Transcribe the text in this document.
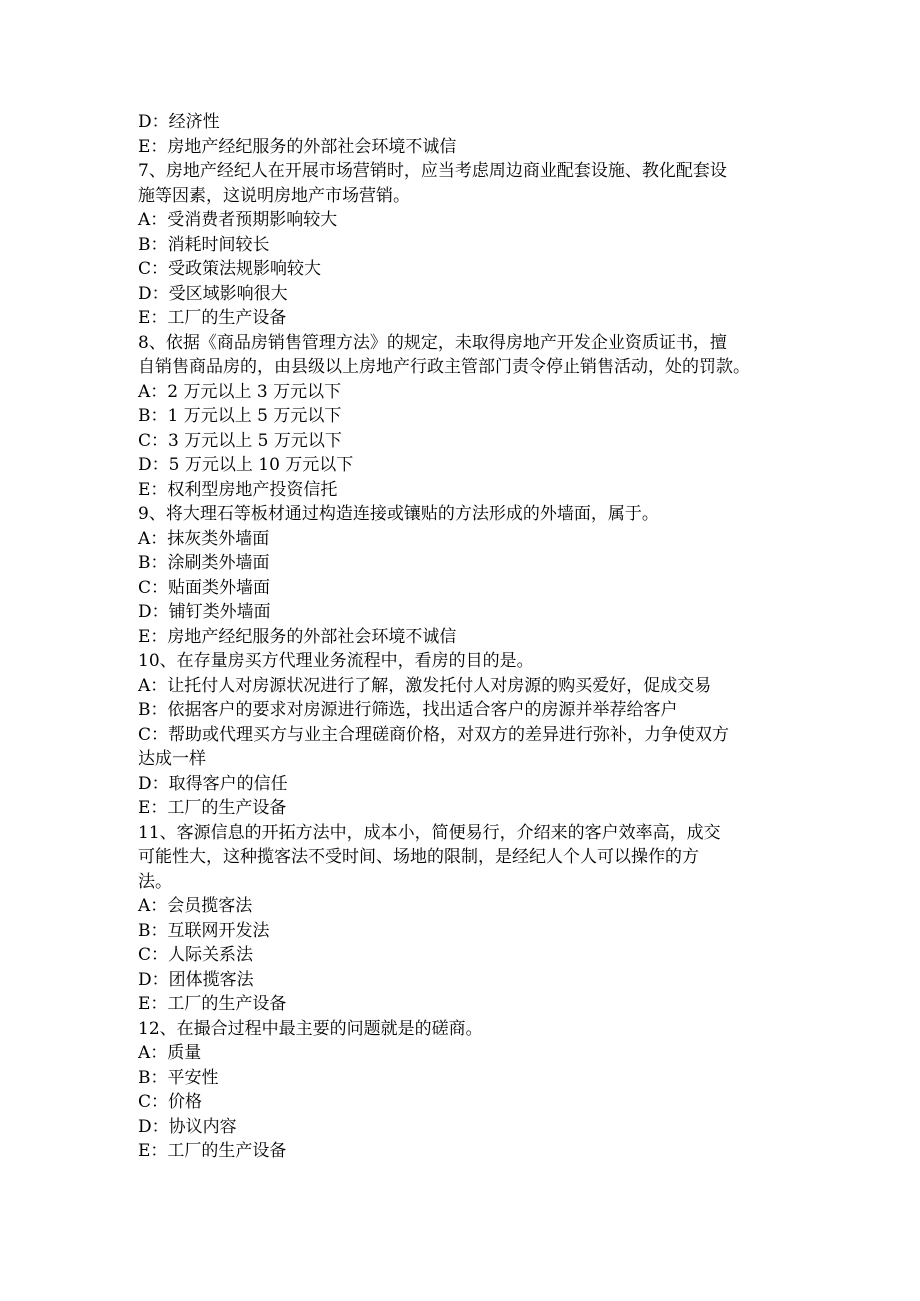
D：经济性
E：房地产经纪服务的外部社会环境不诚信
7、房地产经纪人在开展市场营销时，应当考虑周边商业配套设施、教化配套设
施等因素，这说明房地产市场营销。
A：受消费者预期影响较大
B：消耗时间较长
C：受政策法规影响较大
D：受区域影响很大
E：工厂的生产设备
8、依据《商品房销售管理方法》的规定，未取得房地产开发企业资质证书，擅
自销售商品房的，由县级以上房地产行政主管部门责令停止销售活动，处的罚款。
A：2 万元以上 3 万元以下
B：1 万元以上 5 万元以下
C：3 万元以上 5 万元以下
D：5 万元以上 10 万元以下
E：权利型房地产投资信托
9、将大理石等板材通过构造连接或镶贴的方法形成的外墙面，属于。
A：抹灰类外墙面
B：涂刷类外墙面
C：贴面类外墙面
D：铺钉类外墙面
E：房地产经纪服务的外部社会环境不诚信
10、在存量房买方代理业务流程中，看房的目的是。
A：让托付人对房源状况进行了解，激发托付人对房源的购买爱好，促成交易
B：依据客户的要求对房源进行筛选，找出适合客户的房源并举荐给客户
C：帮助或代理买方与业主合理磋商价格，对双方的差异进行弥补，力争使双方
达成一样
D：取得客户的信任
E：工厂的生产设备
11、客源信息的开拓方法中，成本小，简便易行，介绍来的客户效率高，成交
可能性大，这种揽客法不受时间、场地的限制，是经纪人个人可以操作的方
法。
A：会员揽客法
B：互联网开发法
C：人际关系法
D：团体揽客法
E：工厂的生产设备
12、在撮合过程中最主要的问题就是的磋商。
A：质量
B：平安性
C：价格
D：协议内容
E：工厂的生产设备
